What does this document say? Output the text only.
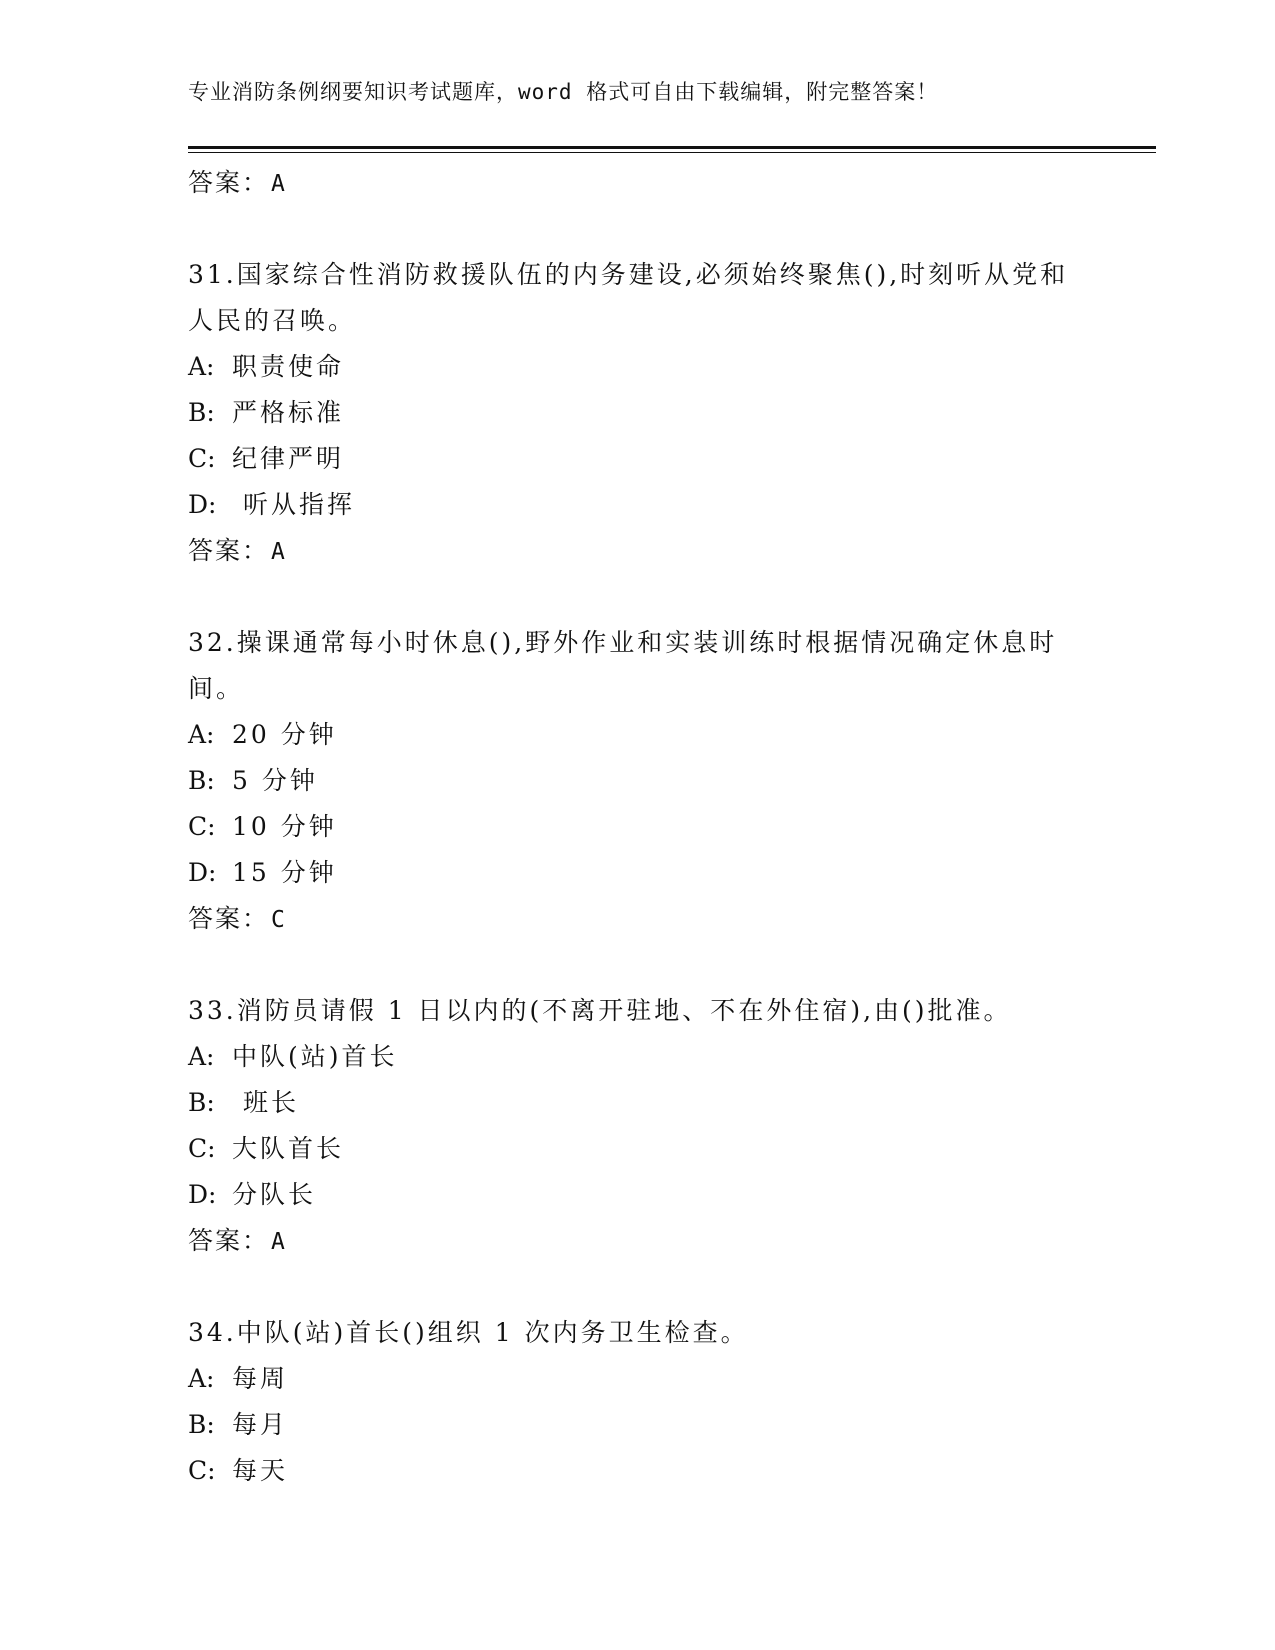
专业消防条例纲要知识考试题库，word 格式可自由下载编辑，附完整答案！
答案：A
31.国家综合性消防救援队伍的内务建设,必须始终聚焦(),时刻听从党和人民的召唤。
A: 职责使命
B: 严格标准
C: 纪律严明
D: 听从指挥
答案：A
32.操课通常每小时休息(),野外作业和实装训练时根据情况确定休息时间。
A: 20 分钟
B: 5 分钟
C: 10 分钟
D: 15 分钟
答案：C
33.消防员请假 1 日以内的(不离开驻地、不在外住宿),由()批准。
A: 中队(站)首长
B: 班长
C: 大队首长
D: 分队长
答案：A
34.中队(站)首长()组织 1 次内务卫生检查。
A: 每周
B: 每月
C: 每天
